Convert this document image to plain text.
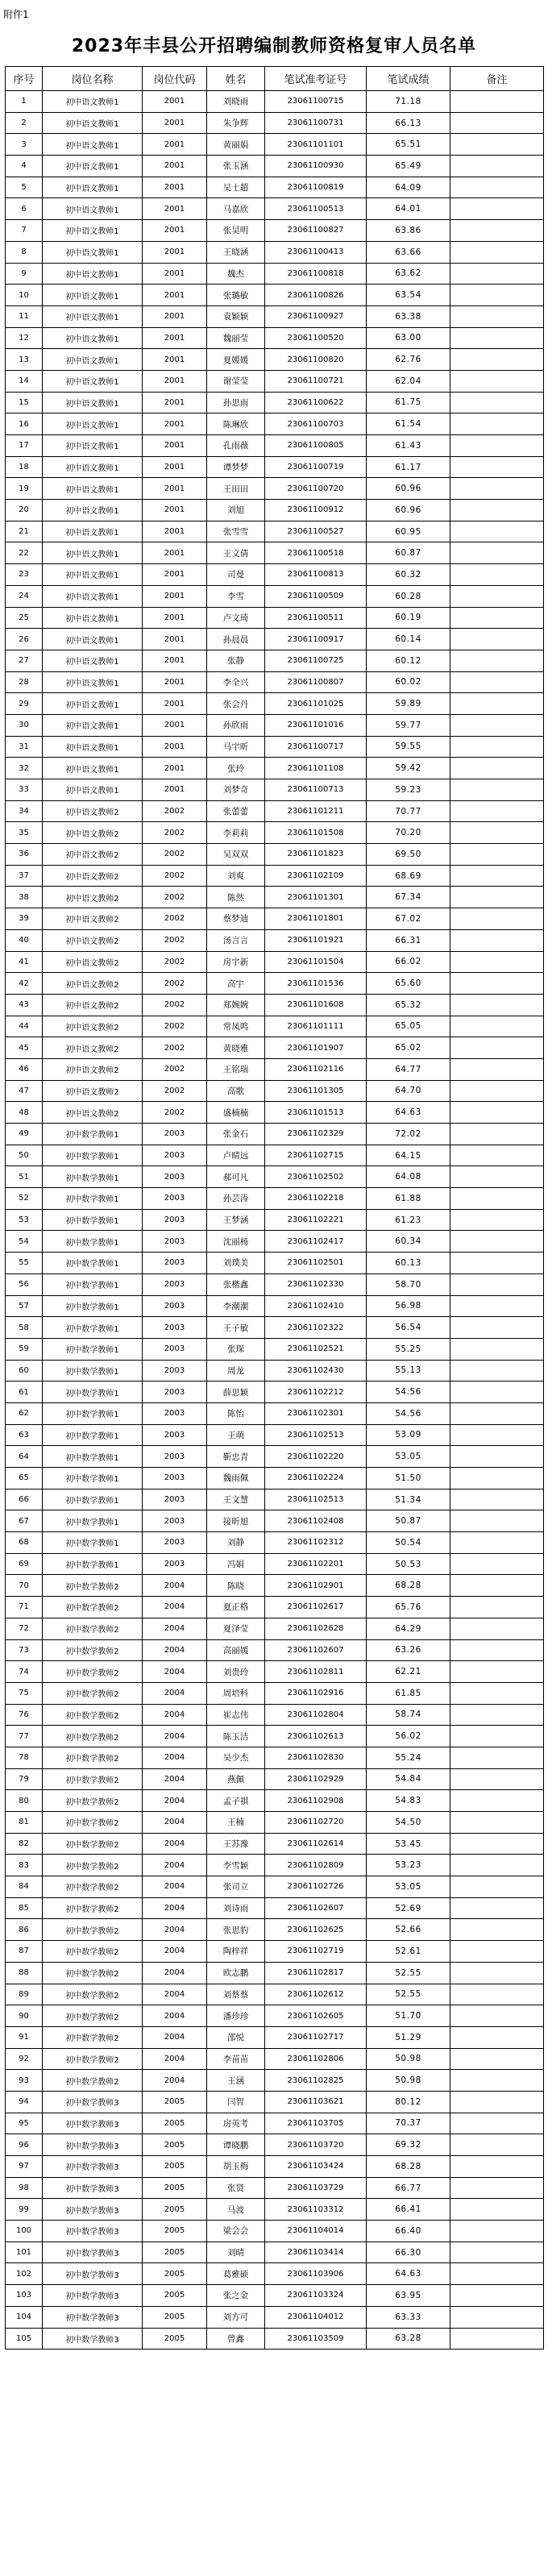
附件1
2023年丰县公开招聘编制教师资格复审人员名单
序号	岗位名称	岗位代码	姓名	笔试准考证号	笔试成绩	备注
1	初中语文教师1	2001	刘晓雨	23061100715	71.18	
2	初中语文教师1	2001	朱争辉	23061100731	66.13	
3	初中语文教师1	2001	黄丽娟	23061101101	65.51	
4	初中语文教师1	2001	张玉涵	23061100930	65.49	
5	初中语文教师1	2001	吴士超	23061100819	64.09	
6	初中语文教师1	2001	马嘉欣	23061100513	64.01	
7	初中语文教师1	2001	张昊明	23061100827	63.86	
8	初中语文教师1	2001	王晓涵	23061100413	63.66	
9	初中语文教师1	2001	魏杰	23061100818	63.62	
10	初中语文教师1	2001	张璐敏	23061100826	63.54	
11	初中语文教师1	2001	袁颖颖	23061100927	63.38	
12	初中语文教师1	2001	魏丽莹	23061100520	63.00	
13	初中语文教师1	2001	夏媛媛	23061100820	62.76	
14	初中语文教师1	2001	谢莹莹	23061100721	62.04	
15	初中语文教师1	2001	孙思雨	23061100622	61.75	
16	初中语文教师1	2001	陈琳欣	23061100703	61.54	
17	初中语文教师1	2001	孔雨薇	23061100805	61.43	
18	初中语文教师1	2001	谭梦梦	23061100719	61.17	
19	初中语文教师1	2001	王田田	23061100720	60.96	
20	初中语文教师1	2001	刘旭	23061100912	60.96	
21	初中语文教师1	2001	张雪雪	23061100527	60.95	
22	初中语文教师1	2001	王文倩	23061100518	60.87	
23	初中语文教师1	2001	司曼	23061100813	60.32	
24	初中语文教师1	2001	李雪	23061100509	60.28	
25	初中语文教师1	2001	卢文琦	23061100511	60.19	
26	初中语文教师1	2001	孙晨晨	23061100917	60.14	
27	初中语文教师1	2001	张静	23061100725	60.12	
28	初中语文教师1	2001	李全兴	23061100807	60.02	
29	初中语文教师1	2001	张会丹	23061101025	59.89	
30	初中语文教师1	2001	孙欣雨	23061101016	59.77	
31	初中语文教师1	2001	马宇昕	23061100717	59.55	
32	初中语文教师1	2001	张玲	23061101108	59.42	
33	初中语文教师1	2001	刘梦奇	23061100713	59.23	
34	初中语文教师2	2002	张蕾蕾	23061101211	70.77	
35	初中语文教师2	2002	李莉莉	23061101508	70.20	
36	初中语文教师2	2002	吴双双	23061101823	69.50	
37	初中语文教师2	2002	刘爽	23061102109	68.69	
38	初中语文教师2	2002	陈然	23061101301	67.34	
39	初中语文教师2	2002	蔡梦迪	23061101801	67.02	
40	初中语文教师2	2002	汤言言	23061101921	66.31	
41	初中语文教师2	2002	房宇新	23061101504	66.02	
42	初中语文教师2	2002	高宇	23061101536	65.60	
43	初中语文教师2	2002	郑婉婉	23061101608	65.32	
44	初中语文教师2	2002	常凤鸣	23061101111	65.05	
45	初中语文教师2	2002	黄晓雅	23061101907	65.02	
46	初中语文教师2	2002	王铭瑞	23061102116	64.77	
47	初中语文教师2	2002	高歌	23061101305	64.70	
48	初中语文教师2	2002	盛楠楠	23061101513	64.63	
49	初中数学教师1	2003	张金石	23061102329	72.02	
50	初中数学教师1	2003	卢晴远	23061102715	64.15	
51	初中数学教师1	2003	郝可凡	23061102502	64.08	
52	初中数学教师1	2003	孙芸涛	23061102218	61.88	
53	初中数学教师1	2003	王梦涵	23061102221	61.23	
54	初中数学教师1	2003	沈丽杨	23061102417	60.34	
55	初中数学教师1	2003	刘璞美	23061102501	60.13	
56	初中数学教师1	2003	张楷鑫	23061102330	58.70	
57	初中数学教师1	2003	李潮潮	23061102410	56.98	
58	初中数学教师1	2003	王子敏	23061102322	56.54	
59	初中数学教师1	2003	张琛	23061102521	55.25	
60	初中数学教师1	2003	周龙	23061102430	55.13	
61	初中数学教师1	2003	薛思颖	23061102212	54.56	
62	初中数学教师1	2003	陈怡	23061102301	54.56	
63	初中数学教师1	2003	王萌	23061102513	53.09	
64	初中数学教师1	2003	靳忠青	23061102220	53.05	
65	初中数学教师1	2003	魏雨佩	23061102224	51.50	
66	初中数学教师1	2003	王文慧	23061102513	51.34	
67	初中数学教师1	2003	接昕旭	23061102408	50.87	
68	初中数学教师1	2003	刘静	23061102312	50.54	
69	初中数学教师1	2003	冯娟	23061102201	50.53	
70	初中数学教师2	2004	陈晓	23061102901	68.28	
71	初中数学教师2	2004	夏正格	23061102617	65.76	
72	初中数学教师2	2004	夏泽莹	23061102628	64.29	
73	初中数学教师2	2004	高丽媛	23061102607	63.26	
74	初中数学教师2	2004	刘贵玲	23061102811	62.21	
75	初中数学教师2	2004	周培科	23061102916	61.85	
76	初中数学教师2	2004	崔志伟	23061102804	58.74	
77	初中数学教师2	2004	陈玉洁	23061102613	56.02	
78	初中数学教师2	2004	吴少杰	23061102830	55.24	
79	初中数学教师2	2004	燕佩	23061102929	54.84	
80	初中数学教师2	2004	孟子祺	23061102908	54.83	
81	初中数学教师2	2004	王楠	23061102720	54.50	
82	初中数学教师2	2004	王苏豫	23061102614	53.45	
83	初中数学教师2	2004	李雪颖	23061102809	53.23	
84	初中数学教师2	2004	张司立	23061102726	53.05	
85	初中数学教师2	2004	刘诗雨	23061102607	52.69	
86	初中数学教师2	2004	张思豹	23061102625	52.66	
87	初中数学教师2	2004	陶梓祥	23061102719	52.61	
88	初中数学教师2	2004	欧志鹏	23061102817	52.55	
89	初中数学教师2	2004	刘蔡蔡	23061102612	52.55	
90	初中数学教师2	2004	潘珍珍	23061102605	51.70	
91	初中数学教师2	2004	邵悦	23061102717	51.29	
92	初中数学教师2	2004	李苗苗	23061102806	50.98	
93	初中数学教师2	2004	王涵	23061102825	50.98	
94	初中数学教师3	2005	闫智	23061103621	80.12	
95	初中数学教师3	2005	房英考	23061103705	70.37	
96	初中数学教师3	2005	谭晓鹏	23061103720	69.32	
97	初中数学教师3	2005	胡玉梅	23061103424	68.28	
98	初中数学教师3	2005	张贤	23061103729	66.77	
99	初中数学教师3	2005	马波	23061103312	66.41	
100	初中数学教师3	2005	梁会会	23061104014	66.40	
101	初中数学教师3	2005	刘晴	23061103414	66.30	
102	初中数学教师3	2005	葛雅硕	23061103906	64.63	
103	初中数学教师3	2005	张之金	23061103324	63.95	
104	初中数学教师3	2005	刘方可	23061104012	63.33	
105	初中数学教师3	2005	曾鑫	23061103509	63.28	
